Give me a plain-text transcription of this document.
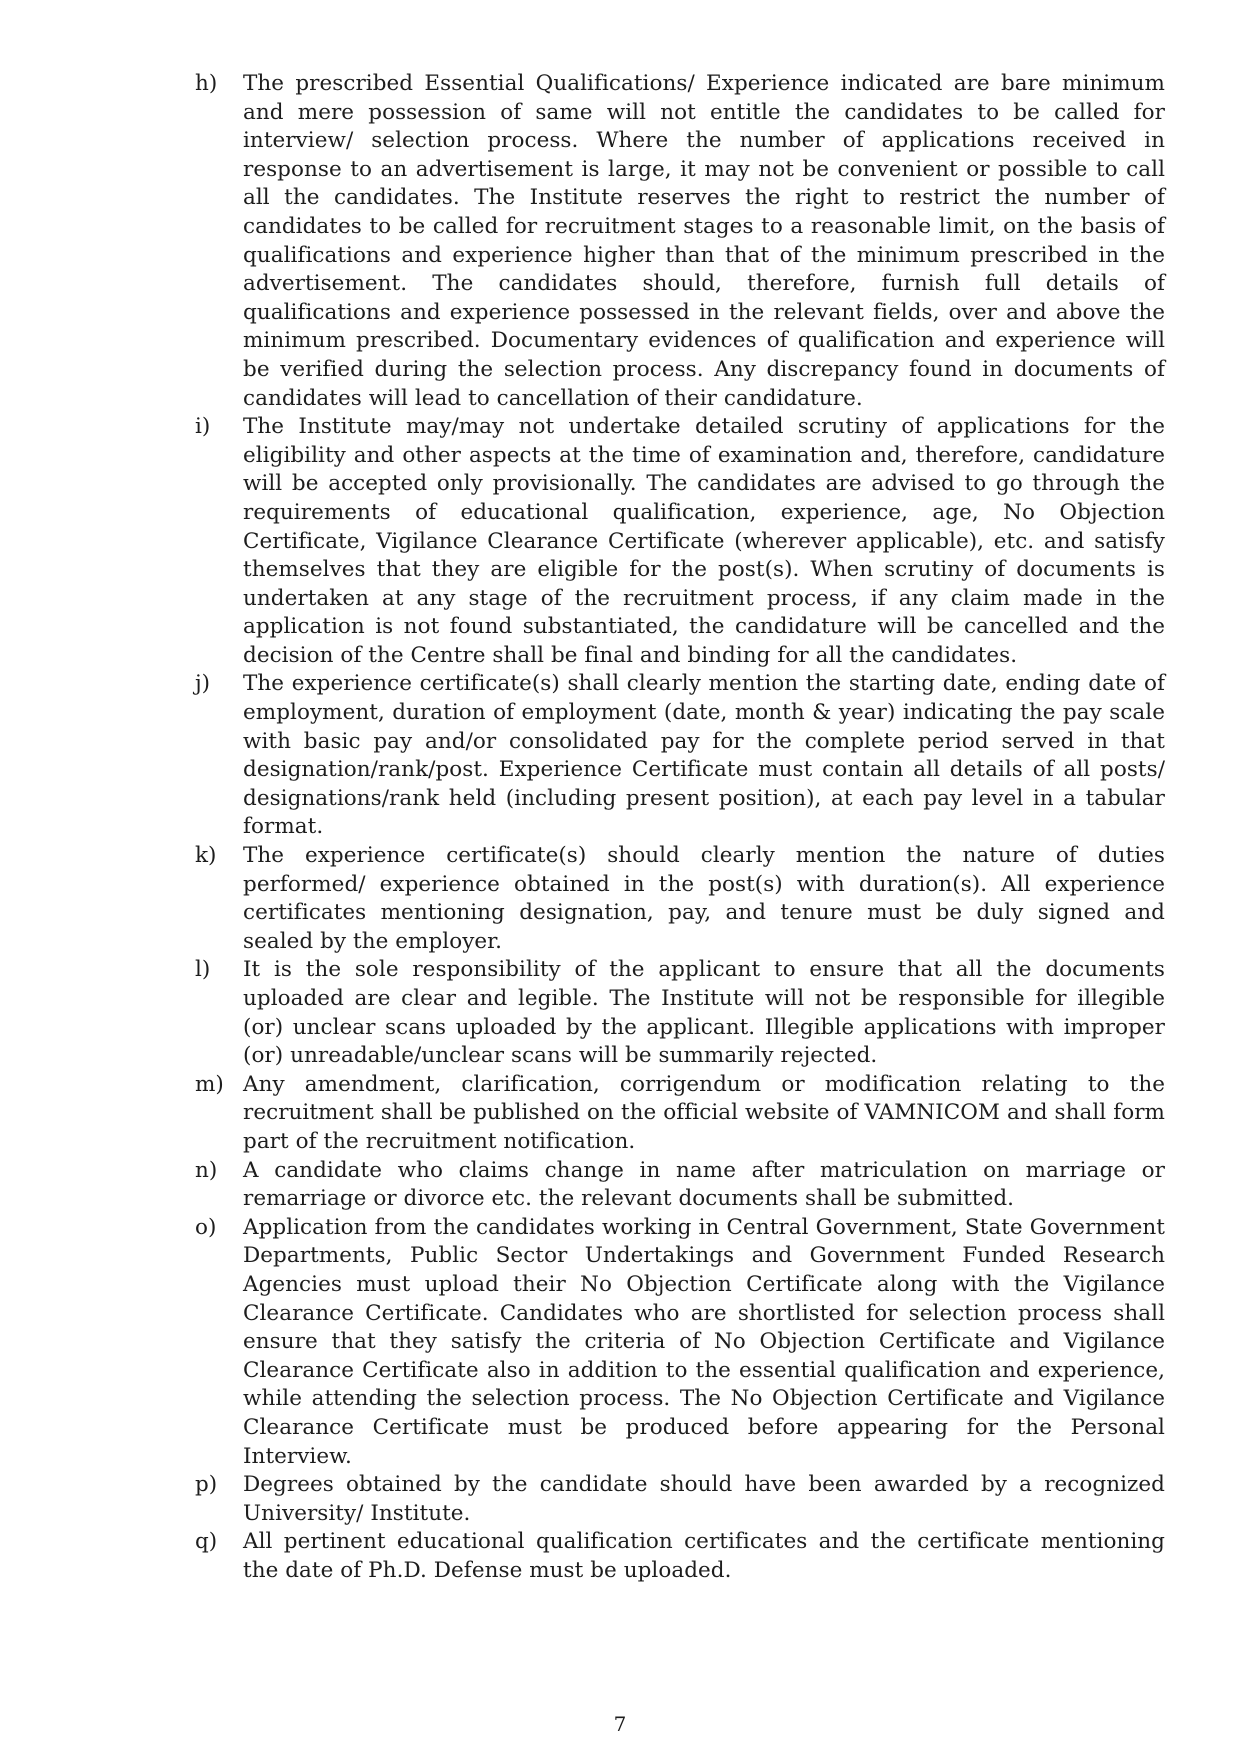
h)	The prescribed Essential Qualifications/ Experience indicated are bare minimum and mere possession of same will not entitle the candidates to be called for interview/ selection process. Where the number of applications received in response to an advertisement is large, it may not be convenient or possible to call all the candidates. The Institute reserves the right to restrict the number of candidates to be called for recruitment stages to a reasonable limit, on the basis of qualifications and experience higher than that of the minimum prescribed in the advertisement. The candidates should, therefore, furnish full details of qualifications and experience possessed in the relevant fields, over and above the minimum prescribed. Documentary evidences of qualification and experience will be verified during the selection process. Any discrepancy found in documents of candidates will lead to cancellation of their candidature.
i)	The Institute may/may not undertake detailed scrutiny of applications for the eligibility and other aspects at the time of examination and, therefore, candidature will be accepted only provisionally. The candidates are advised to go through the requirements of educational qualification, experience, age, No Objection Certificate, Vigilance Clearance Certificate (wherever applicable), etc. and satisfy themselves that they are eligible for the post(s). When scrutiny of documents is undertaken at any stage of the recruitment process, if any claim made in the application is not found substantiated, the candidature will be cancelled and the decision of the Centre shall be final and binding for all the candidates.
j)	The experience certificate(s) shall clearly mention the starting date, ending date of employment, duration of employment (date, month & year) indicating the pay scale with basic pay and/or consolidated pay for the complete period served in that designation/rank/post. Experience Certificate must contain all details of all posts/ designations/rank held (including present position), at each pay level in a tabular format.
k)	The experience certificate(s) should clearly mention the nature of duties performed/ experience obtained in the post(s) with duration(s). All experience certificates mentioning designation, pay, and tenure must be duly signed and sealed by the employer.
l)	It is the sole responsibility of the applicant to ensure that all the documents uploaded are clear and legible. The Institute will not be responsible for illegible (or) unclear scans uploaded by the applicant. Illegible applications with improper (or) unreadable/unclear scans will be summarily rejected.
m) Any amendment, clarification, corrigendum or modification relating to the recruitment shall be published on the official website of VAMNICOM and shall form part of the recruitment notification.
n)	A candidate who claims change in name after matriculation on marriage or remarriage or divorce etc. the relevant documents shall be submitted.
o)	Application from the candidates working in Central Government, State Government Departments, Public Sector Undertakings and Government Funded Research Agencies must upload their No Objection Certificate along with the Vigilance Clearance Certificate. Candidates who are shortlisted for selection process shall ensure that they satisfy the criteria of No Objection Certificate and Vigilance Clearance Certificate also in addition to the essential qualification and experience, while attending the selection process. The No Objection Certificate and Vigilance Clearance Certificate must be produced before appearing for the Personal Interview.
p)	Degrees obtained by the candidate should have been awarded by a recognized University/ Institute.
q)	All pertinent educational qualification certificates and the certificate mentioning the date of Ph.D. Defense must be uploaded.
7
